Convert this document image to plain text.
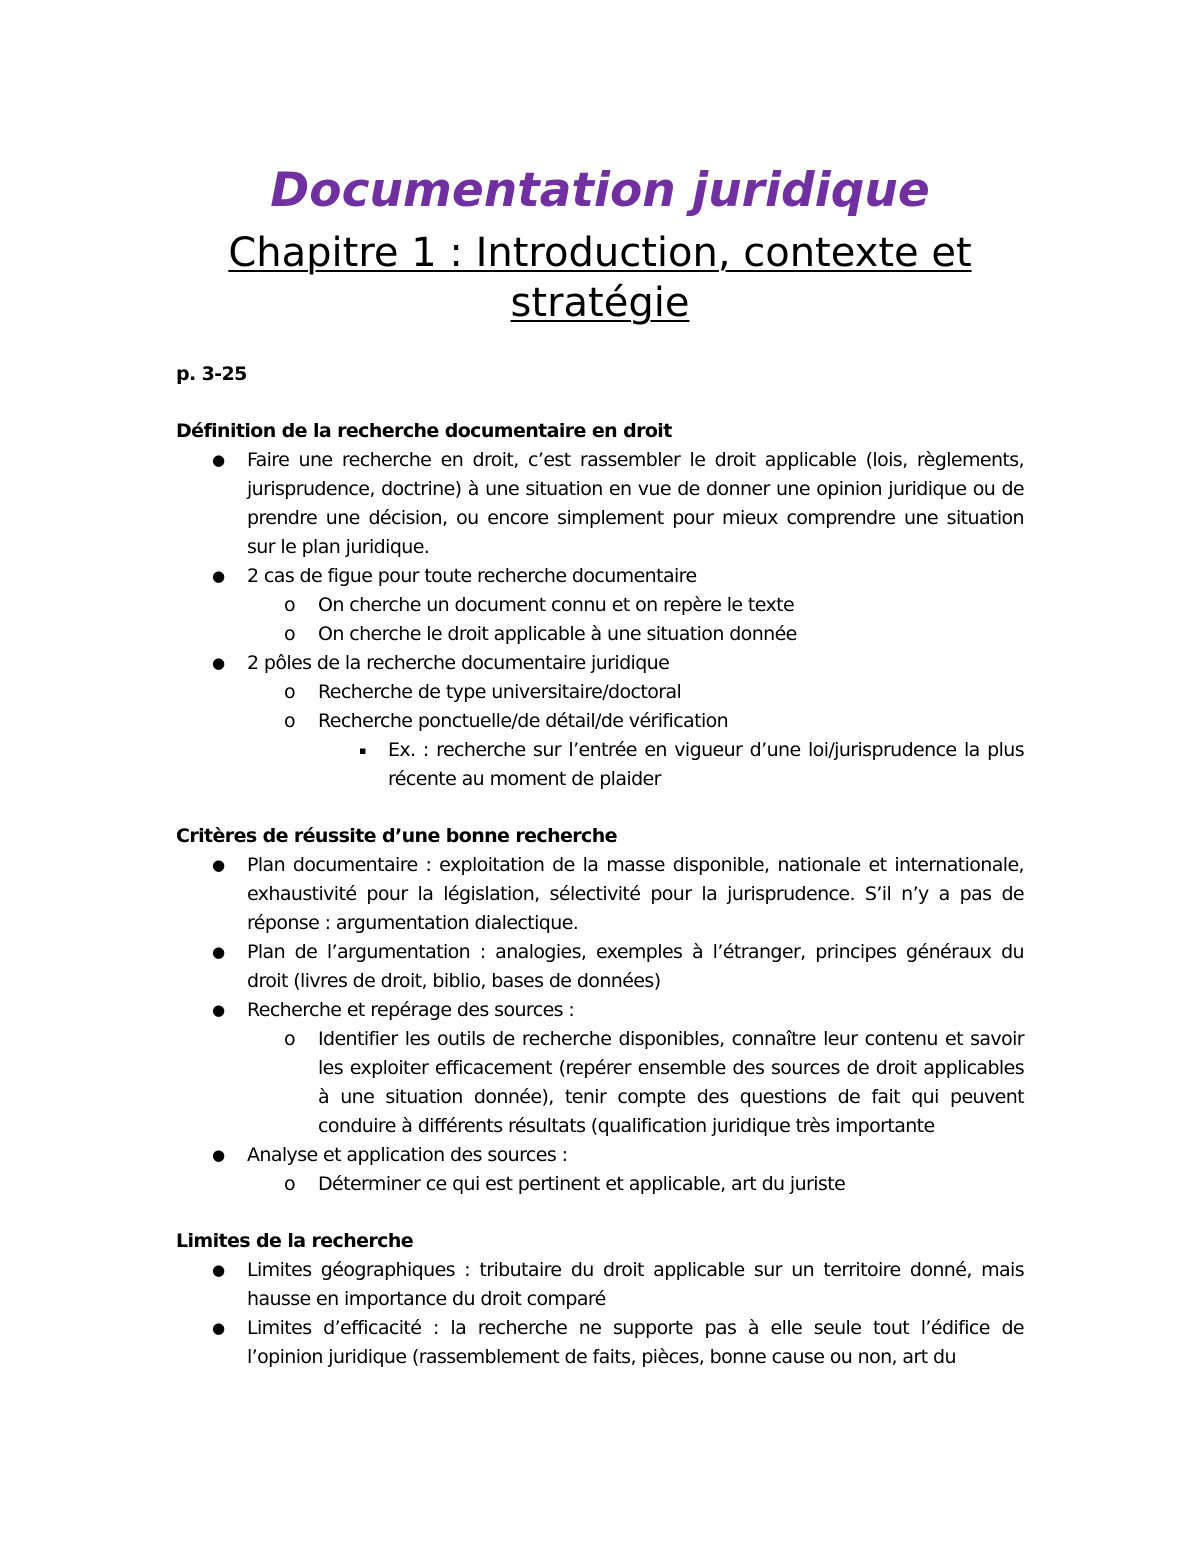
Documentation juridique
Chapitre 1 : Introduction, contexte et stratégie

p. 3-25

Définition de la recherche documentaire en droit

● Faire une recherche en droit, c’est rassembler le droit applicable (lois, règlements, jurisprudence, doctrine) à une situation en vue de donner une opinion juridique ou de prendre une décision, ou encore simplement pour mieux comprendre une situation sur le plan juridique.
● 2 cas de figue pour toute recherche documentaire
o On cherche un document connu et on repère le texte
o On cherche le droit applicable à une situation donnée
● 2 pôles de la recherche documentaire juridique
o Recherche de type universitaire/doctoral
o Recherche ponctuelle/de détail/de vérification
▪ Ex. : recherche sur l’entrée en vigueur d’une loi/jurisprudence la plus récente au moment de plaider

Critères de réussite d’une bonne recherche

● Plan documentaire : exploitation de la masse disponible, nationale et internationale, exhaustivité pour la législation, sélectivité pour la jurisprudence. S’il n’y a pas de réponse : argumentation dialectique.
● Plan de l’argumentation : analogies, exemples à l’étranger, principes généraux du droit (livres de droit, biblio, bases de données)
● Recherche et repérage des sources :
o Identifier les outils de recherche disponibles, connaître leur contenu et savoir les exploiter efficacement (repérer ensemble des sources de droit applicables à une situation donnée), tenir compte des questions de fait qui peuvent conduire à différents résultats (qualification juridique très importante
● Analyse et application des sources :
o Déterminer ce qui est pertinent et applicable, art du juriste

Limites de la recherche

● Limites géographiques : tributaire du droit applicable sur un territoire donné, mais hausse en importance du droit comparé
● Limites d’efficacité : la recherche ne supporte pas à elle seule tout l’édifice de l’opinion juridique (rassemblement de faits, pièces, bonne cause ou non, art du
